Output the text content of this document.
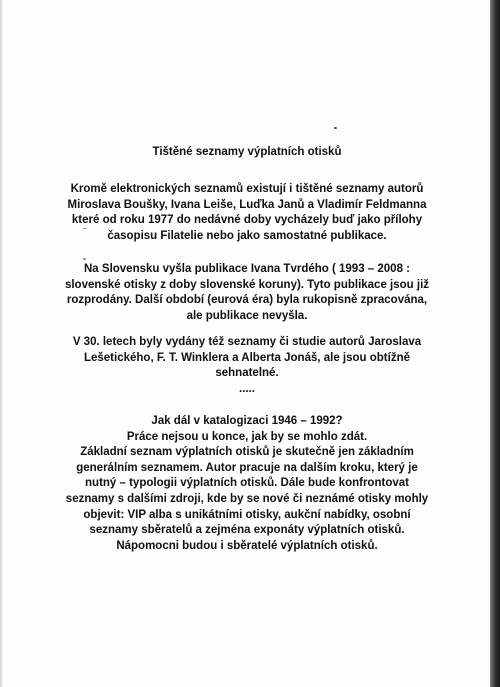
Tištěné seznamy výplatních otisků
Kromě elektronických seznamů existují i tištěné seznamy autorů
Miroslava Boušky, Ivana Leiše, Luďka Janů a Vladimír Feldmanna
které od roku 1977 do nedávné doby vycházely buď jako přílohy
časopisu Filatelie nebo jako samostatné publikace.
Na Slovensku vyšla publikace Ivana Tvrdého ( 1993 – 2008 :
slovenské otisky z doby slovenské koruny). Tyto publikace jsou již
rozprodány. Další období (eurová éra) byla rukopisně zpracována,
ale publikace nevyšla.
V 30. letech byly vydány též seznamy či studie autorů Jaroslava
Lešetického, F. T. Winklera a Alberta Jonáš, ale jsou obtížně
sehnatelné.
.....
Jak dál v katalogizaci 1946 – 1992?
Práce nejsou u konce, jak by se mohlo zdát.
Základní seznam výplatních otisků je skutečně jen základním
generálním seznamem. Autor pracuje na dalším kroku, který je
nutný – typologii výplatních otisků. Dále bude konfrontovat
seznamy s dalšími zdroji, kde by se nové či neznámé otisky mohly
objevit: VIP alba s unikátními otisky, aukční nabídky, osobní
seznamy sběratelů a zejména exponáty výplatních otisků.
Nápomocni budou i sběratelé výplatních otisků.
